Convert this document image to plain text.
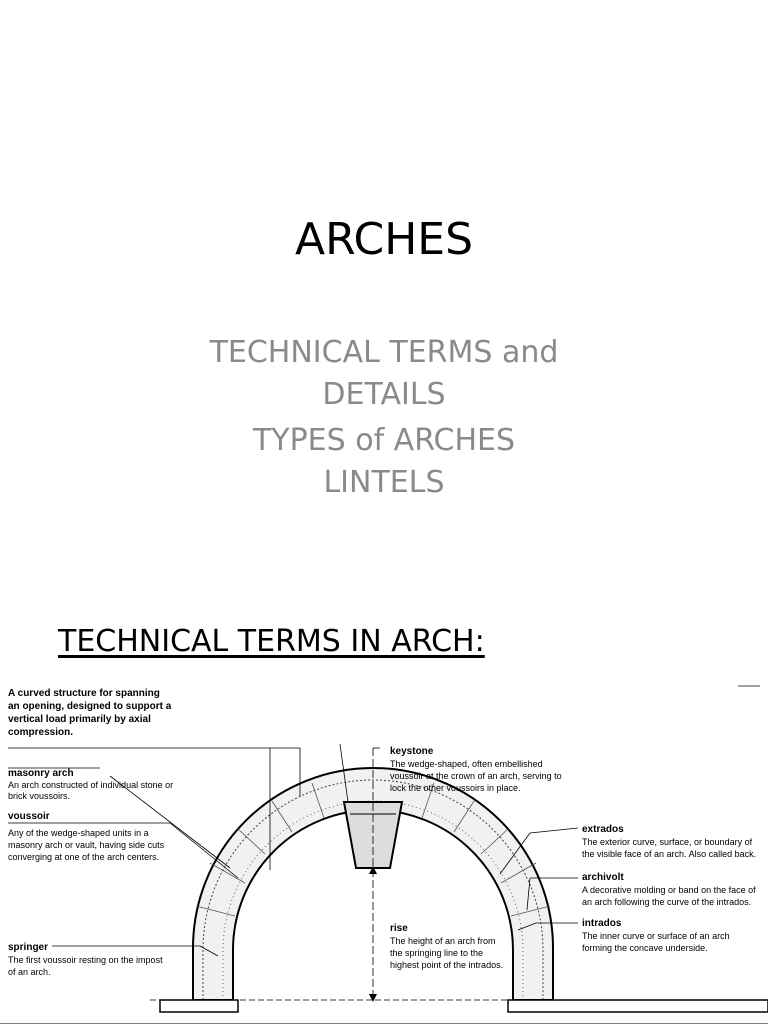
ARCHES
TECHNICAL TERMS and
DETAILS
TYPES of ARCHES
LINTELS
TECHNICAL TERMS IN ARCH:
A curved structure for spanning
an opening, designed to support a
vertical load primarily by axial
compression.
masonry arch
An arch constructed of individual stone or
brick voussoirs.
voussoir
Any of the wedge-shaped units in a
masonry arch or vault, having side cuts
converging at one of the arch centers.
springer
The first voussoir resting on the impost
of an arch.
keystone
The wedge-shaped, often embellished
voussoir at the crown of an arch, serving to
lock the other voussoirs in place.
rise
The height of an arch from
the springing line to the
highest point of the intrados.
extrados
The exterior curve, surface, or boundary of
the visible face of an arch. Also called back.
archivolt
A decorative molding or band on the face of
an arch following the curve of the intrados.
intrados
The inner curve or surface of an arch
forming the concave underside.
